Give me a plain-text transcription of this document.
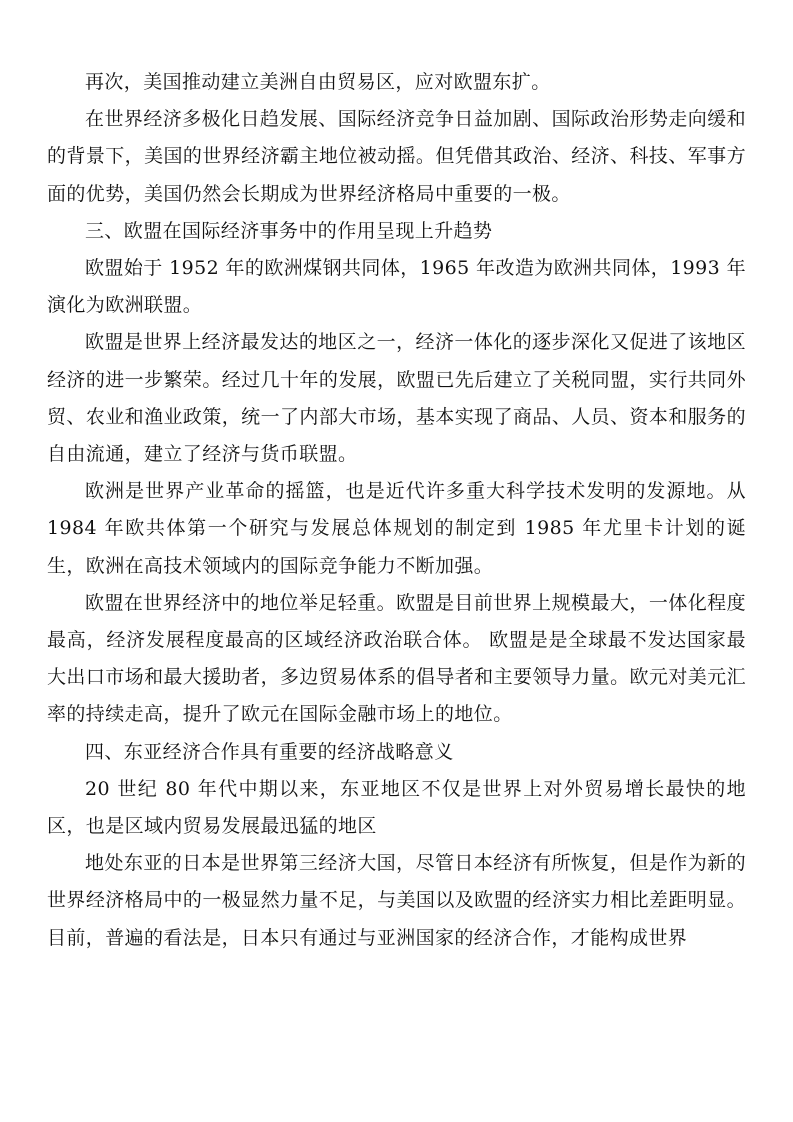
再次，美国推动建立美洲自由贸易区，应对欧盟东扩。

在世界经济多极化日趋发展、国际经济竞争日益加剧、国际政治形势走向缓和的背景下，美国的世界经济霸主地位被动摇。但凭借其政治、经济、科技、军事方面的优势，美国仍然会长期成为世界经济格局中重要的一极。

三、欧盟在国际经济事务中的作用呈现上升趋势

欧盟始于 1952 年的欧洲煤钢共同体，1965 年改造为欧洲共同体，1993 年演化为欧洲联盟。

欧盟是世界上经济最发达的地区之一，经济一体化的逐步深化又促进了该地区经济的进一步繁荣。经过几十年的发展，欧盟已先后建立了关税同盟，实行共同外贸、农业和渔业政策，统一了内部大市场，基本实现了商品、人员、资本和服务的自由流通，建立了经济与货币联盟。

欧洲是世界产业革命的摇篮，也是近代许多重大科学技术发明的发源地。从 1984 年欧共体第一个研究与发展总体规划的制定到 1985 年尤里卡计划的诞生，欧洲在高技术领域内的国际竞争能力不断加强。

欧盟在世界经济中的地位举足轻重。欧盟是目前世界上规模最大，一体化程度最高，经济发展程度最高的区域经济政治联合体。 欧盟是是全球最不发达国家最大出口市场和最大援助者，多边贸易体系的倡导者和主要领导力量。欧元对美元汇率的持续走高，提升了欧元在国际金融市场上的地位。

四、东亚经济合作具有重要的经济战略意义

20 世纪 80 年代中期以来，东亚地区不仅是世界上对外贸易增长最快的地区，也是区域内贸易发展最迅猛的地区

地处东亚的日本是世界第三经济大国，尽管日本经济有所恢复，但是作为新的世界经济格局中的一极显然力量不足，与美国以及欧盟的经济实力相比差距明显。目前，普遍的看法是，日本只有通过与亚洲国家的经济合作，才能构成世界
